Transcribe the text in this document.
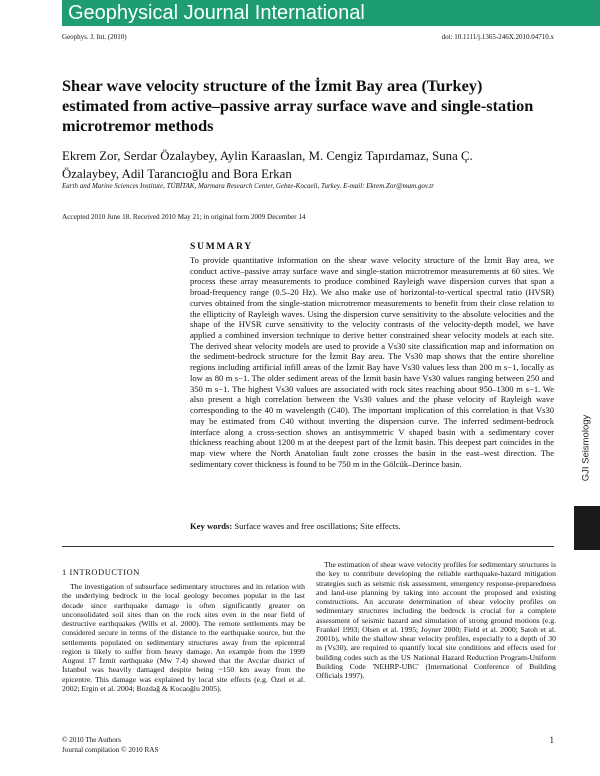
Geophysical Journal International
Geophys. J. Int. (2010)	doi: 10.1111/j.1365-246X.2010.04710.x
Shear wave velocity structure of the İzmit Bay area (Turkey) estimated from active–passive array surface wave and single-station microtremor methods

Ekrem Zor, Serdar Özalaybey, Aylin Karaaslan, M. Cengiz Tapırdamaz, Suna Ç. Özalaybey, Adil Tarancıoğlu and Bora Erkan

Earth and Marine Sciences Institute, TÜBİTAK, Marmara Research Center, Gebze-Kocaeli, Turkey. E-mail: Ekrem.Zor@mam.gov.tr
Accepted 2010 June 18. Received 2010 May 21; in original form 2009 December 14
SUMMARY

To provide quantitative information on the shear wave velocity structure of the İzmit Bay area, we conduct active–passive array surface wave and single-station microtremor measurements at 60 sites. We process these array measurements to produce combined Rayleigh wave dispersion curves that span a broad-frequency range (0.5–20 Hz). We also make use of horizontal-to-vertical spectral ratio (HVSR) curves obtained from the single-station microtremor measurements to benefit from their close relation to the ellipticity of Rayleigh waves. Using the dispersion curve sensitivity to the absolute velocities and the shape of the HVSR curve sensitivity to the velocity contrasts of the velocity-depth model, we have applied a combined inversion technique to derive better constrained shear velocity models at each site. The derived shear velocity models are used to provide a Vs30 site classification map and information on the sediment-bedrock structure for the İzmit Bay area. The Vs30 map shows that the entire shoreline regions including artificial infill areas of the İzmit Bay have Vs30 values less than 200 m s−1, locally as low as 80 m s−1. The older sediment areas of the İzmit basin have Vs30 values ranging between 250 and 350 m s−1. The highest Vs30 values are associated with rock sites reaching about 950–1300 m s−1. We also present a high correlation between the Vs30 values and the phase velocity of Rayleigh wave corresponding to the 40 m wavelength (C40). The important implication of this correlation is that Vs30 may be estimated from C40 without inverting the dispersion curve. The inferred sediment-bedrock interface along a cross-section shows an antisymmetric V shaped basin with a sedimentary cover thickness reaching about 1200 m at the deepest part of the İzmit basin. This deepest part coincides in the map view where the North Anatolian fault zone crosses the basin in the east–west direction. The sedimentary cover thickness is found to be 750 m in the Gölcük–Derince basin.

Key words: Surface waves and free oscillations; Site effects.
GJI Seismology
1 INTRODUCTION

The investigation of subsurface sedimentary structures and its relation with the underlying bedrock in the local geology becomes popular in the last decade since earthquake damage is often significantly greater on unconsolidated soil sites than on the rock sites even in the near field of destructive earthquakes (Wills et al. 2000). The remote settlements may be considered secure in terms of the distance to the earthquake source, but the settlements populated on sedimentary structures away from the epicentral region is likely to suffer from heavy damage. An example from the 1999 August 17 İzmit earthquake (Mw 7.4) showed that the Avcılar district of İstanbul was heavily damaged despite being ~150 km away from the epicentre. This damage was explained by local site effects (e.g. Özel et al. 2002; Ergin et al. 2004; Bozdağ & Kocaoğlu 2005).

The estimation of shear wave velocity profiles for sedimentary structures is the key to contribute developing the reliable earthquake-hazard mitigation strategies such as seismic risk assessment, emergency response-preparedness and land-use planning by taking into account the proposed and existing constructions. An accurate determination of shear velocity profiles on sedimentary structures including the bedrock is crucial for a complete assessment of seismic hazard and simulation of strong ground motions (e.g. Frankel 1993; Olsen et al. 1995; Joyner 2000; Field et al. 2000; Satoh et al. 2001b), while the shallow shear velocity profiles, especially to a depth of 30 m (Vs30), are required to quantify local site conditions and effects used for building codes such as the US National Hazard Reduction Program-Uniform Building Code 'NEHRP-UBC' (International Conference of Building Officials 1997).

© 2010 The Authors
Journal compilation © 2010 RAS
1
